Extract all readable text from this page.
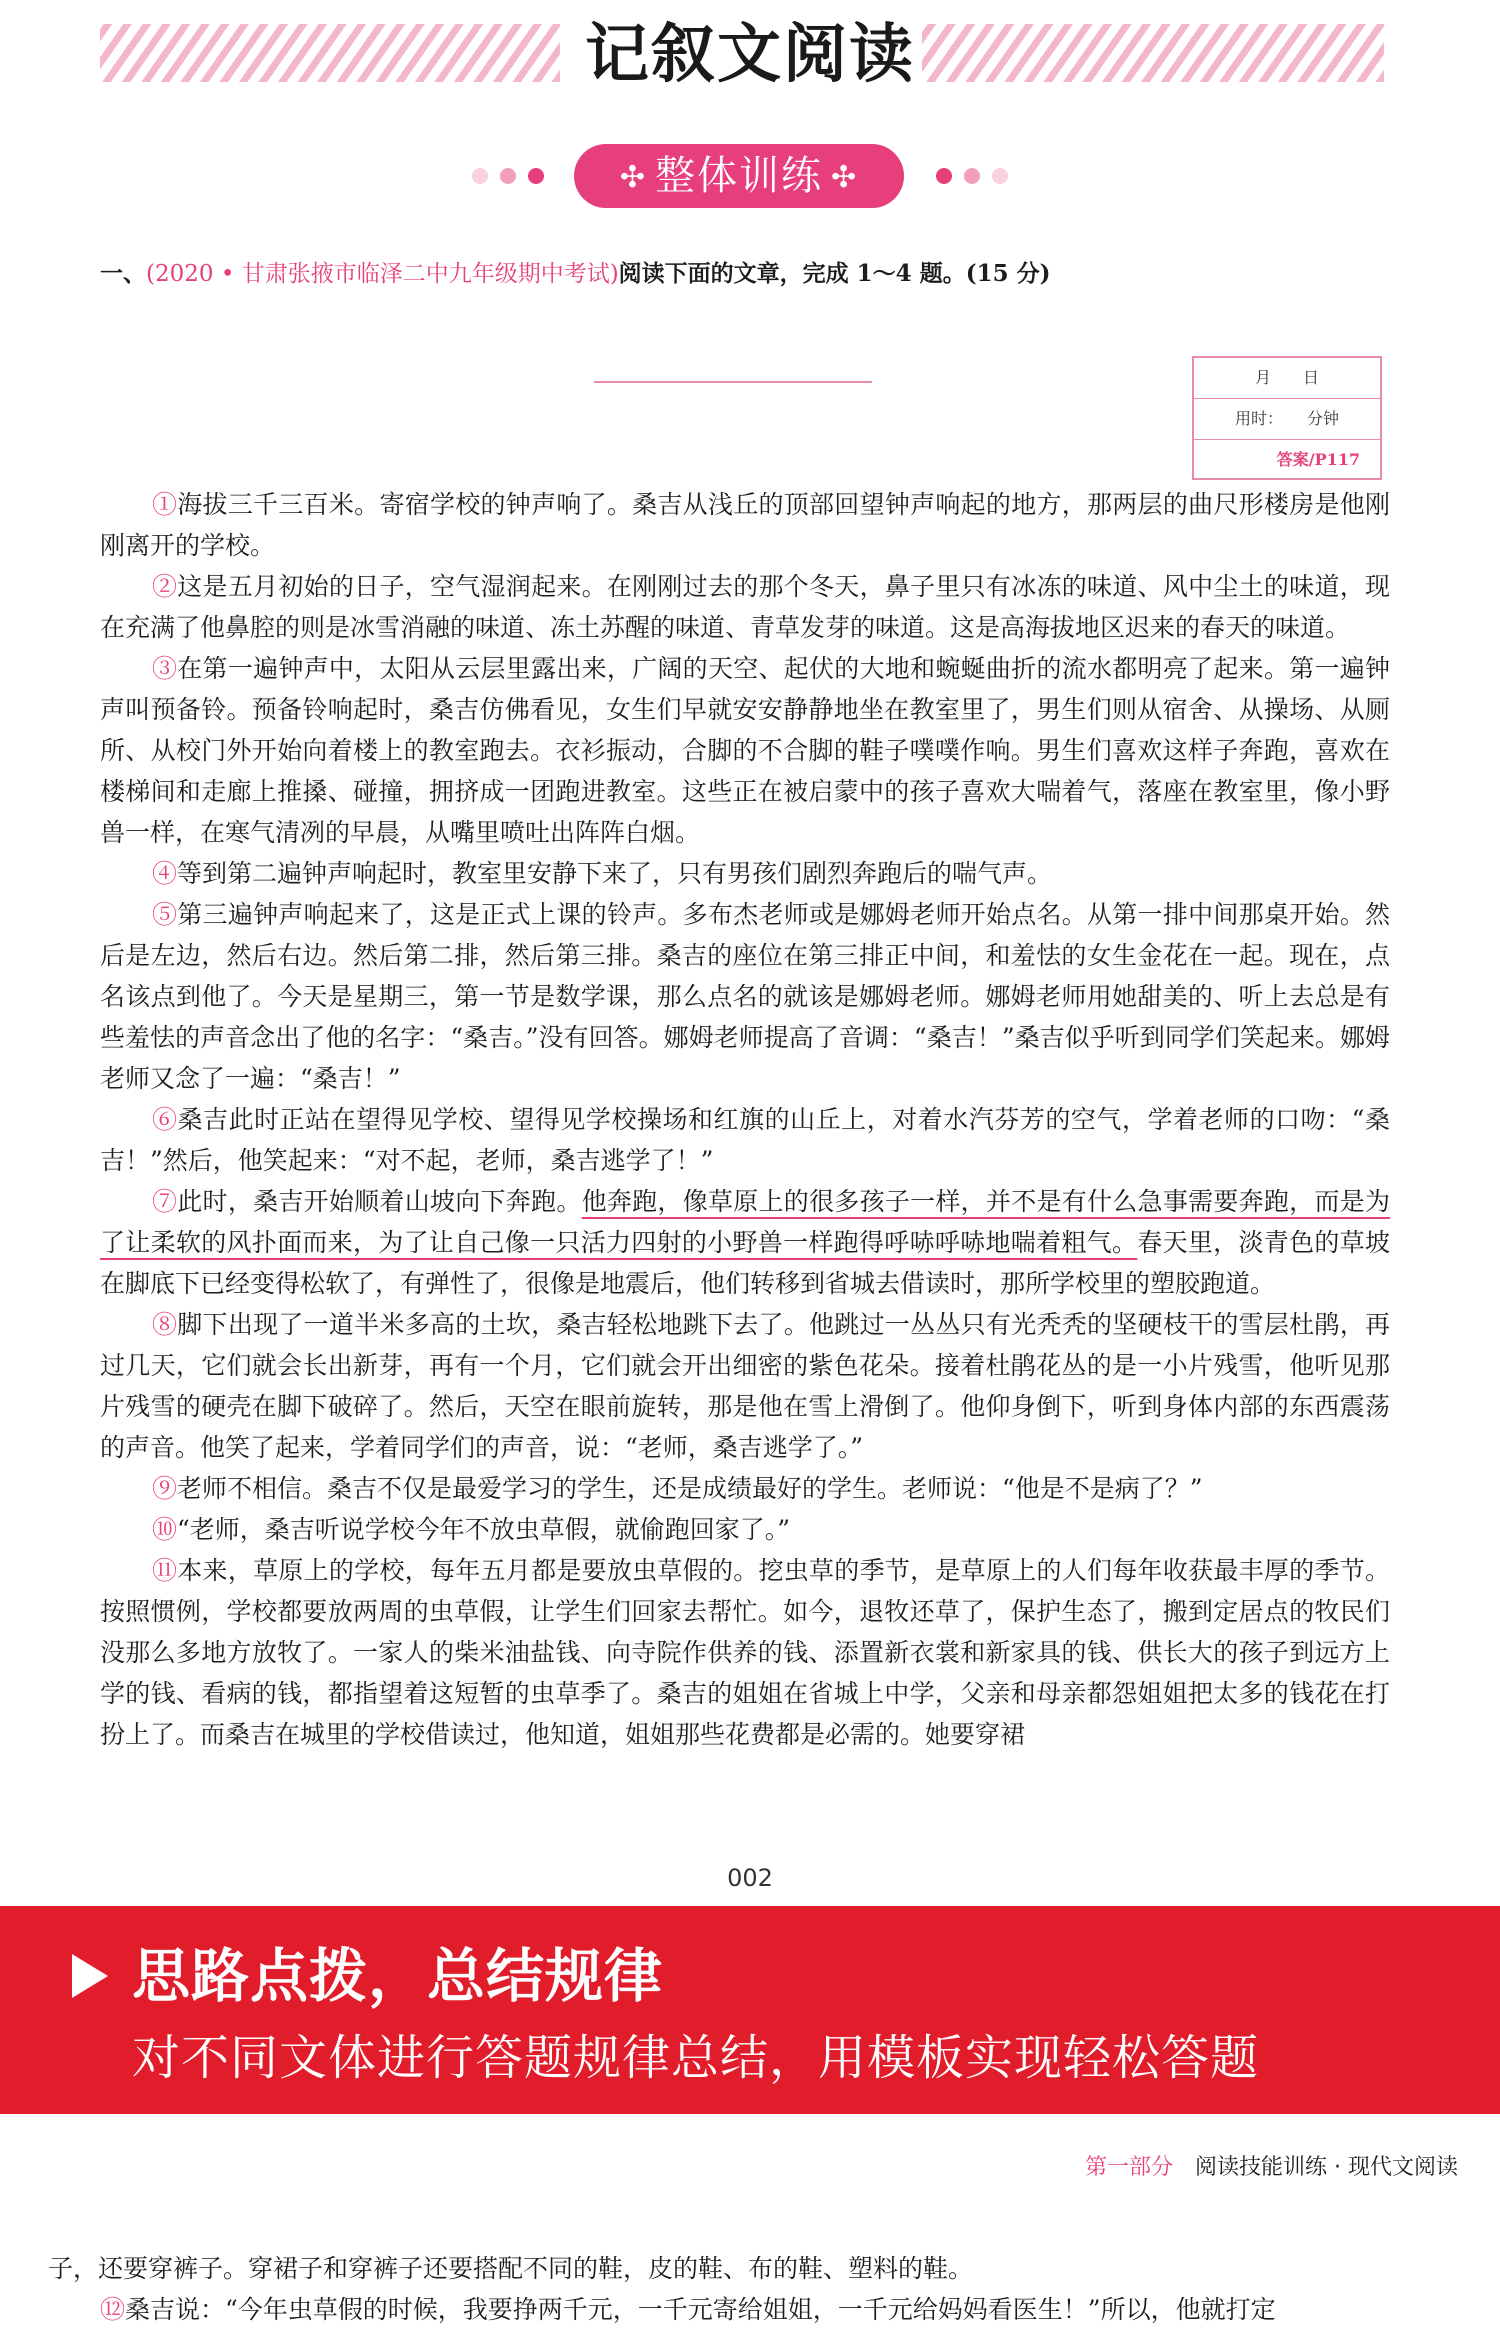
记叙文阅读
✣ 整体训练 ✣
一、(2020 • 甘肃张掖市临泽二中九年级期中考试)阅读下面的文章，完成 1～4 题。(15 分)
月　　日
用时：　　分钟
答案/P117

①海拔三千三百米。寄宿学校的钟声响了。桑吉从浅丘的顶部回望钟声响起的地方，那两层的曲尺形楼房是他刚刚离开的学校。

②这是五月初始的日子，空气湿润起来。在刚刚过去的那个冬天，鼻子里只有冰冻的味道、风中尘土的味道，现在充满了他鼻腔的则是冰雪消融的味道、冻土苏醒的味道、青草发芽的味道。这是高海拔地区迟来的春天的味道。

③在第一遍钟声中，太阳从云层里露出来，广阔的天空、起伏的大地和蜿蜒曲折的流水都明亮了起来。第一遍钟声叫预备铃。预备铃响起时，桑吉仿佛看见，女生们早就安安静静地坐在教室里了，男生们则从宿舍、从操场、从厕所、从校门外开始向着楼上的教室跑去。衣衫振动，合脚的不合脚的鞋子噗噗作响。男生们喜欢这样子奔跑，喜欢在楼梯间和走廊上推搡、碰撞，拥挤成一团跑进教室。这些正在被启蒙中的孩子喜欢大喘着气，落座在教室里，像小野兽一样，在寒气清冽的早晨，从嘴里喷吐出阵阵白烟。

④等到第二遍钟声响起时，教室里安静下来了，只有男孩们剧烈奔跑后的喘气声。

⑤第三遍钟声响起来了，这是正式上课的铃声。多布杰老师或是娜姆老师开始点名。从第一排中间那桌开始。然后是左边，然后右边。然后第二排，然后第三排。桑吉的座位在第三排正中间，和羞怯的女生金花在一起。现在，点名该点到他了。今天是星期三，第一节是数学课，那么点名的就该是娜姆老师。娜姆老师用她甜美的、听上去总是有些羞怯的声音念出了他的名字：“桑吉。”没有回答。娜姆老师提高了音调：“桑吉！”桑吉似乎听到同学们笑起来。娜姆老师又念了一遍：“桑吉！”

⑥桑吉此时正站在望得见学校、望得见学校操场和红旗的山丘上，对着水汽芬芳的空气，学着老师的口吻：“桑吉！”然后，他笑起来：“对不起，老师，桑吉逃学了！”

⑦此时，桑吉开始顺着山坡向下奔跑。他奔跑，像草原上的很多孩子一样，并不是有什么急事需要奔跑，而是为了让柔软的风扑面而来，为了让自己像一只活力四射的小野兽一样跑得呼哧呼哧地喘着粗气。春天里，淡青色的草坡在脚底下已经变得松软了，有弹性了，很像是地震后，他们转移到省城去借读时，那所学校里的塑胶跑道。

⑧脚下出现了一道半米多高的土坎，桑吉轻松地跳下去了。他跳过一丛丛只有光秃秃的坚硬枝干的雪层杜鹃，再过几天，它们就会长出新芽，再有一个月，它们就会开出细密的紫色花朵。接着杜鹃花丛的是一小片残雪，他听见那片残雪的硬壳在脚下破碎了。然后，天空在眼前旋转，那是他在雪上滑倒了。他仰身倒下，听到身体内部的东西震荡的声音。他笑了起来，学着同学们的声音，说：“老师，桑吉逃学了。”

⑨老师不相信。桑吉不仅是最爱学习的学生，还是成绩最好的学生。老师说：“他是不是病了？”

⑩“老师，桑吉听说学校今年不放虫草假，就偷跑回家了。”

⑪本来，草原上的学校，每年五月都是要放虫草假的。挖虫草的季节，是草原上的人们每年收获最丰厚的季节。按照惯例，学校都要放两周的虫草假，让学生们回家去帮忙。如今，退牧还草了，保护生态了，搬到定居点的牧民们没那么多地方放牧了。一家人的柴米油盐钱、向寺院作供养的钱、添置新衣裳和新家具的钱、供长大的孩子到远方上学的钱、看病的钱，都指望着这短暂的虫草季了。桑吉的姐姐在省城上中学，父亲和母亲都怨姐姐把太多的钱花在打扮上了。而桑吉在城里的学校借读过，他知道，姐姐那些花费都是必需的。她要穿裙

002
思路点拨，总结规律
对不同文体进行答题规律总结，用模板实现轻松答题
第一部分 阅读技能训练 · 现代文阅读

子，还要穿裤子。穿裙子和穿裤子还要搭配不同的鞋，皮的鞋、布的鞋、塑料的鞋。

⑫桑吉说：“今年虫草假的时候，我要挣两千元，一千元寄给姐姐，一千元给妈妈看医生！”所以，他就打定
